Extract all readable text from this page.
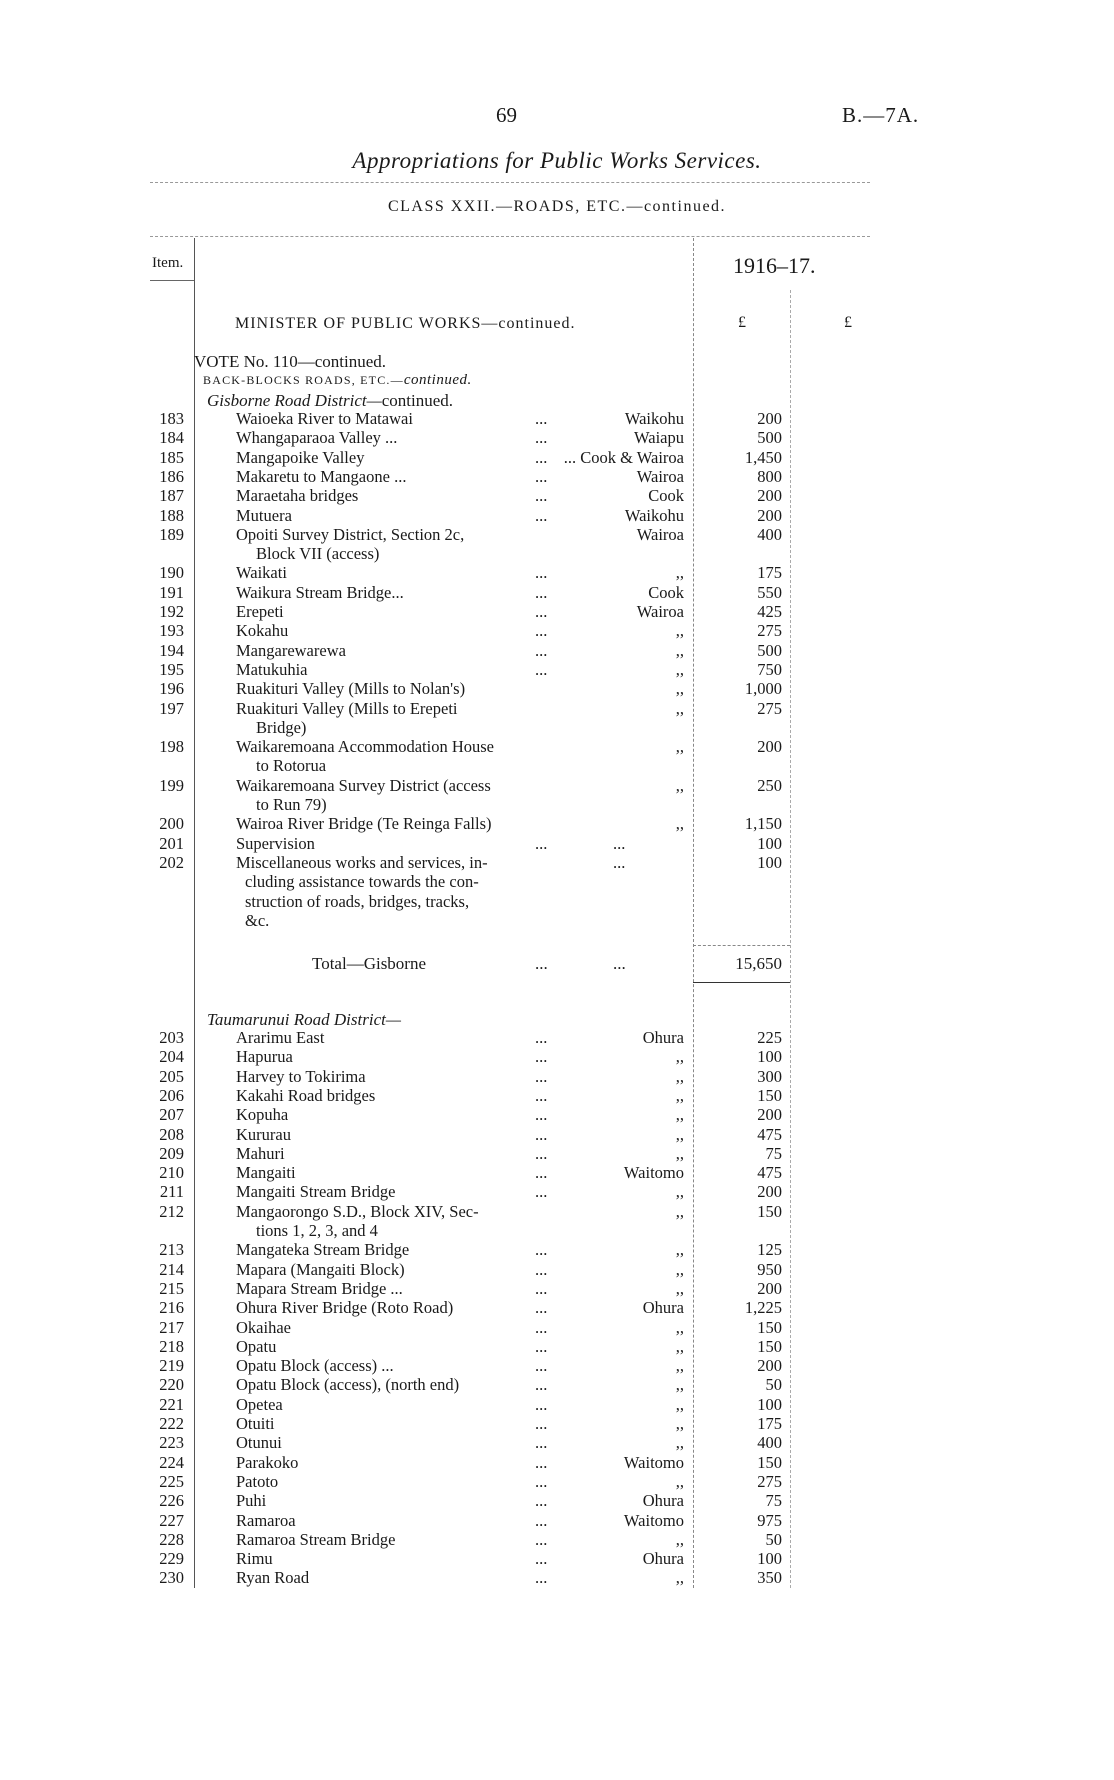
69	B.—7A.
Appropriations for Public Works Services.
CLASS XXII.—ROADS, ETC.—continued.
Item.	1916–17.
MINISTER OF PUBLIC WORKS—continued.	£	£
VOTE No. 110—continued.
BACK-BLOCKS ROADS, ETC.—continued.
Gisborne Road District—continued.
183	Waioeka River to Matawai	...	Waikohu	200
184	Whangaparaoa Valley ...	...	Waiapu	500
185	Mangapoike Valley	... ... Cook & Wairoa	1,450
186	Makaretu to Mangaone ...	...	Wairoa	800
187	Maraetaha bridges	...	Cook	200
188	Mutuera	...	Waikohu	200
189	Opoiti Survey District, Section 2c,	Wairoa	400
Block VII (access)
190	Waikati	...	,,	175
191	Waikura Stream Bridge...	...	Cook	550
192	Erepeti	...	Wairoa	425
193	Kokahu	...	,,	275
194	Mangarewarewa	...	,,	500
195	Matukuhia	...	,,	750
196	Ruakituri Valley (Mills to Nolan's)	,,	1,000
197	Ruakituri Valley (Mills to Erepeti	,,	275
Bridge)
198	Waikaremoana Accommodation House	,,	200
to Rotorua
199	Waikaremoana Survey District (access	,,	250
to Run 79)
200	Wairoa River Bridge (Te Reinga Falls)	,,	1,150
201	Supervision	...	...	100
202	Miscellaneous works and services, in-	...	100
cluding assistance towards the con-
struction of roads, bridges, tracks,
&c.
Total—Gisborne	...	...	15,650
Taumarunui Road District—
203	Ararimu East	...	Ohura	225
204	Hapurua	...	,,	100
205	Harvey to Tokirima	...	,,	300
206	Kakahi Road bridges	...	,,	150
207	Kopuha	...	,,	200
208	Kururau	...	,,	475
209	Mahuri	...	,,	75
210	Mangaiti	...	Waitomo	475
211	Mangaiti Stream Bridge	...	,,	200
212	Mangaorongo S.D., Block XIV, Sec-	,,	150
tions 1, 2, 3, and 4
213	Mangateka Stream Bridge	...	,,	125
214	Mapara (Mangaiti Block)	...	,,	950
215	Mapara Stream Bridge ...	...	,,	200
216	Ohura River Bridge (Roto Road)	...	Ohura	1,225
217	Okaihae	...	,,	150
218	Opatu	...	,,	150
219	Opatu Block (access) ...	...	,,	200
220	Opatu Block (access), (north end)	...	,,	50
221	Opetea	...	,,	100
222	Otuiti	...	,,	175
223	Otunui	...	,,	400
224	Parakoko	...	Waitomo	150
225	Patoto	...	,,	275
226	Puhi	...	Ohura	75
227	Ramaroa	...	Waitomo	975
228	Ramaroa Stream Bridge	...	,,	50
229	Rimu	...	Ohura	100
230	Ryan Road	...	,,	350
